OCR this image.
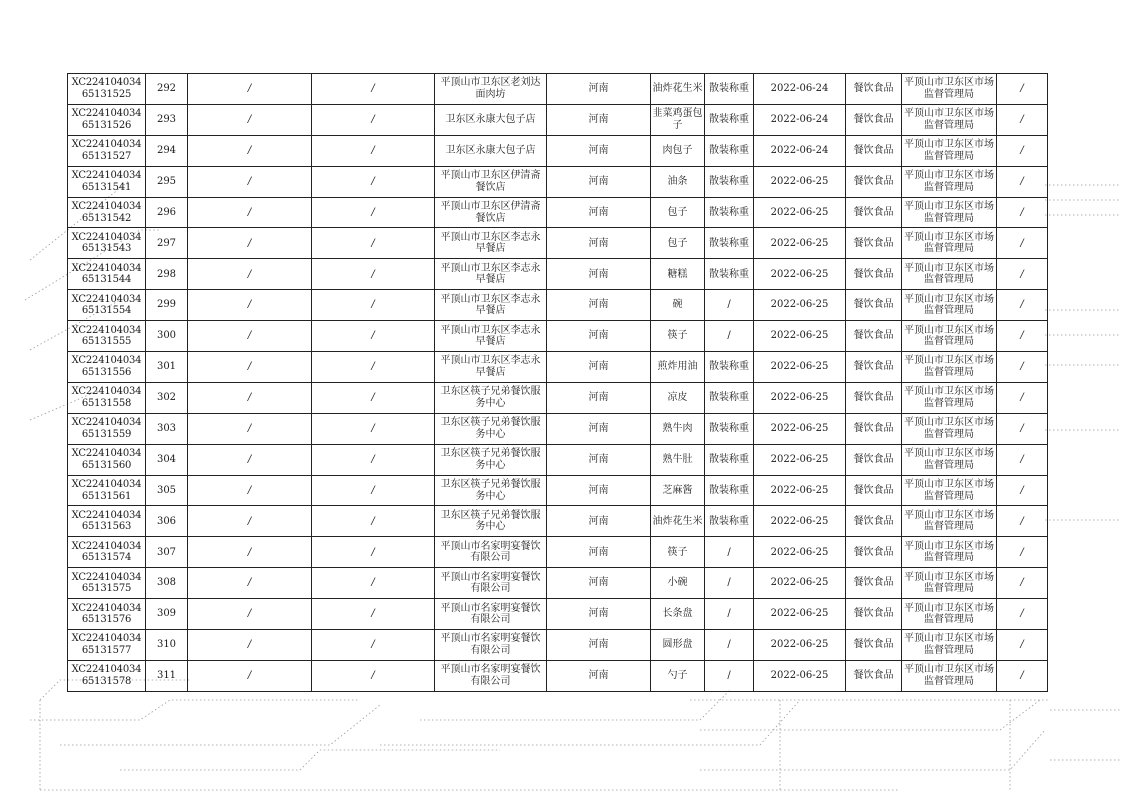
XC22410403465131525	292	/	/	平顶山市卫东区老刘达面肉坊	河南	油炸花生米	散装称重	2022-06-24	餐饮食品	平顶山市卫东区市场监督管理局	/
XC22410403465131526	293	/	/	卫东区永康大包子店	河南	韭菜鸡蛋包子	散装称重	2022-06-24	餐饮食品	平顶山市卫东区市场监督管理局	/
XC22410403465131527	294	/	/	卫东区永康大包子店	河南	肉包子	散装称重	2022-06-24	餐饮食品	平顶山市卫东区市场监督管理局	/
XC22410403465131541	295	/	/	平顶山市卫东区伊清斋餐饮店	河南	油条	散装称重	2022-06-25	餐饮食品	平顶山市卫东区市场监督管理局	/
XC22410403465131542	296	/	/	平顶山市卫东区伊清斋餐饮店	河南	包子	散装称重	2022-06-25	餐饮食品	平顶山市卫东区市场监督管理局	/
XC22410403465131543	297	/	/	平顶山市卫东区李志永早餐店	河南	包子	散装称重	2022-06-25	餐饮食品	平顶山市卫东区市场监督管理局	/
XC22410403465131544	298	/	/	平顶山市卫东区李志永早餐店	河南	糖糕	散装称重	2022-06-25	餐饮食品	平顶山市卫东区市场监督管理局	/
XC22410403465131554	299	/	/	平顶山市卫东区李志永早餐店	河南	碗	/	2022-06-25	餐饮食品	平顶山市卫东区市场监督管理局	/
XC22410403465131555	300	/	/	平顶山市卫东区李志永早餐店	河南	筷子	/	2022-06-25	餐饮食品	平顶山市卫东区市场监督管理局	/
XC22410403465131556	301	/	/	平顶山市卫东区李志永早餐店	河南	煎炸用油	散装称重	2022-06-25	餐饮食品	平顶山市卫东区市场监督管理局	/
XC22410403465131558	302	/	/	卫东区筷子兄弟餐饮服务中心	河南	凉皮	散装称重	2022-06-25	餐饮食品	平顶山市卫东区市场监督管理局	/
XC22410403465131559	303	/	/	卫东区筷子兄弟餐饮服务中心	河南	熟牛肉	散装称重	2022-06-25	餐饮食品	平顶山市卫东区市场监督管理局	/
XC22410403465131560	304	/	/	卫东区筷子兄弟餐饮服务中心	河南	熟牛肚	散装称重	2022-06-25	餐饮食品	平顶山市卫东区市场监督管理局	/
XC22410403465131561	305	/	/	卫东区筷子兄弟餐饮服务中心	河南	芝麻酱	散装称重	2022-06-25	餐饮食品	平顶山市卫东区市场监督管理局	/
XC22410403465131563	306	/	/	卫东区筷子兄弟餐饮服务中心	河南	油炸花生米	散装称重	2022-06-25	餐饮食品	平顶山市卫东区市场监督管理局	/
XC22410403465131574	307	/	/	平顶山市名家明宴餐饮有限公司	河南	筷子	/	2022-06-25	餐饮食品	平顶山市卫东区市场监督管理局	/
XC22410403465131575	308	/	/	平顶山市名家明宴餐饮有限公司	河南	小碗	/	2022-06-25	餐饮食品	平顶山市卫东区市场监督管理局	/
XC22410403465131576	309	/	/	平顶山市名家明宴餐饮有限公司	河南	长条盘	/	2022-06-25	餐饮食品	平顶山市卫东区市场监督管理局	/
XC22410403465131577	310	/	/	平顶山市名家明宴餐饮有限公司	河南	圆形盘	/	2022-06-25	餐饮食品	平顶山市卫东区市场监督管理局	/
XC22410403465131578	311	/	/	平顶山市名家明宴餐饮有限公司	河南	勺子	/	2022-06-25	餐饮食品	平顶山市卫东区市场监督管理局	/
